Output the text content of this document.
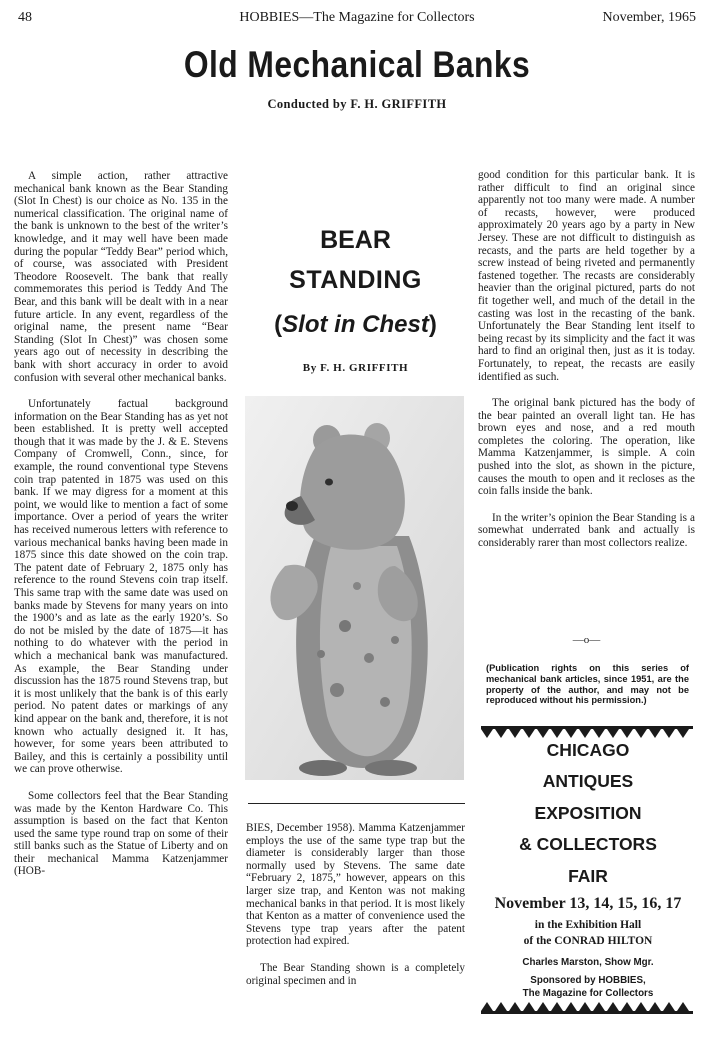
48	HOBBIES—The Magazine for Collectors	November, 1965
Old Mechanical Banks
Conducted by F. H. GRIFFITH

A simple action, rather attractive mechanical bank known as the Bear Standing (Slot In Chest) is our choice as No. 135 in the numerical classification. The original name of the bank is unknown to the best of the writer’s knowledge, and it may well have been made during the popular “Teddy Bear” period which, of course, was associated with President Theodore Roosevelt. The bank that really commemorates this period is Teddy And The Bear, and this bank will be dealt with in a near future article. In any event, regardless of the original name, the present name “Bear Standing (Slot In Chest)” was chosen some years ago out of necessity in describing the bank with short accuracy in order to avoid confusion with several other mechanical banks.

Unfortunately factual background information on the Bear Standing has as yet not been established. It is pretty well accepted though that it was made by the J. & E. Stevens Company of Cromwell, Conn., since, for example, the round conventional type Stevens coin trap patented in 1875 was used on this bank. If we may digress for a moment at this point, we would like to mention a fact of some importance. Over a period of years the writer has received numerous letters with reference to various mechanical banks having been made in 1875 since this date showed on the coin trap. The patent date of February 2, 1875 only has reference to the round Stevens coin trap itself. This same trap with the same date was used on banks made by Stevens for many years on into the 1900’s and as late as the early 1920’s. So do not be misled by the date of 1875—it has nothing to do whatever with the period in which a mechanical bank was manufactured. As example, the Bear Standing under discussion has the 1875 round Stevens trap, but it is most unlikely that the bank is of this early period. No patent dates or markings of any kind appear on the bank and, therefore, it is not known who actually designed it. It has, however, for some years been attributed to Bailey, and this is certainly a possibility until we can prove otherwise.

Some collectors feel that the Bear Standing was made by the Kenton Hardware Co. This assumption is based on the fact that Kenton used the same type round trap on some of their still banks such as the Statue of Liberty and on their mechanical Mamma Katzenjammer (HOB-

BEAR
STANDING
(Slot in Chest)
By F. H. GRIFFITH

BIES, December 1958). Mamma Katzenjammer employs the use of the same type trap but the diameter is considerably larger than those normally used by Stevens. The same date “February 2, 1875,” however, appears on this larger size trap, and Kenton was not making mechanical banks in that period. It is most likely that Kenton as a matter of convenience used the Stevens type trap years after the patent protection had expired.

The Bear Standing shown is a completely original specimen and in

good condition for this particular bank. It is rather difficult to find an original since apparently not too many were made. A number of recasts, however, were produced approximately 20 years ago by a party in New Jersey. These are not difficult to distinguish as recasts, and the parts are held together by a screw instead of being riveted and permanently fastened together. The recasts are considerably heavier than the original pictured, parts do not fit together well, and much of the detail in the casting was lost in the recasting of the bank. Unfortunately the Bear Standing lent itself to being recast by its simplicity and the fact it was hard to find an original then, just as it is today. Fortunately, to repeat, the recasts are easily identified as such.

The original bank pictured has the body of the bear painted an overall light tan. He has brown eyes and nose, and a red mouth completes the coloring. The operation, like Mamma Katzenjammer, is simple. A coin pushed into the slot, as shown in the picture, causes the mouth to open and it recloses as the coin falls inside the bank.

In the writer’s opinion the Bear Standing is a somewhat underrated bank and actually is considerably rarer than most collectors realize.

—o—
(Publication rights on this series of mechanical bank articles, since 1951, are the property of the author, and may not be reproduced without his permission.)
CHICAGO
ANTIQUES
EXPOSITION
& COLLECTORS
FAIR
November 13, 14, 15, 16, 17
in the Exhibition Hall
of the CONRAD HILTON
Charles Marston, Show Mgr.
Sponsored by HOBBIES,
The Magazine for Collectors
